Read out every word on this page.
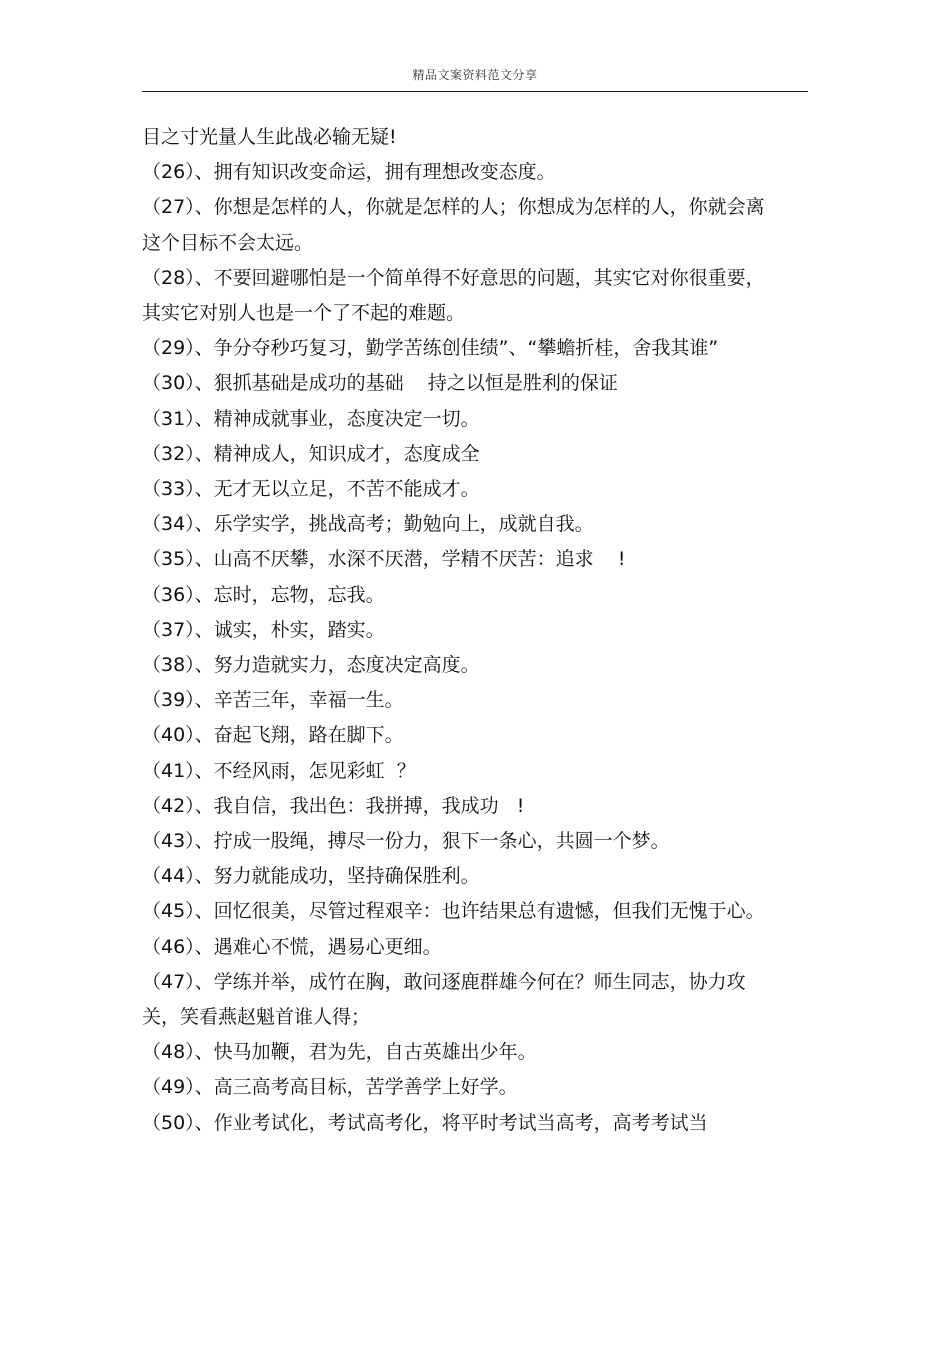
精品文案资料范文分享
目之寸光量人生此战必输无疑!
（26）、拥有知识改变命运，拥有理想改变态度。
（27）、你想是怎样的人，你就是怎样的人；你想成为怎样的人，你就会离这个目标不会太远。
（28）、不要回避哪怕是一个简单得不好意思的问题，其实它对你很重要，其实它对别人也是一个了不起的难题。
（29）、争分夺秒巧复习，勤学苦练创佳绩”、“攀蟾折桂，舍我其谁”
（30）、狠抓基础是成功的基础    持之以恒是胜利的保证
（31）、精神成就事业，态度决定一切。
（32）、精神成人，知识成才，态度成全
（33）、无才无以立足，不苦不能成才。
（34）、乐学实学，挑战高考；勤勉向上，成就自我。
（35）、山高不厌攀，水深不厌潜，学精不厌苦：追求    !
（36）、忘时，忘物，忘我。
（37）、诚实，朴实，踏实。
（38）、努力造就实力，态度决定高度。
（39）、辛苦三年，幸福一生。
（40）、奋起飞翔，路在脚下。
（41）、不经风雨，怎见彩虹  ？
（42）、我自信，我出色：我拼搏，我成功   !
（43）、拧成一股绳，搏尽一份力，狠下一条心，共圆一个梦。
（44）、努力就能成功，坚持确保胜利。
（45）、回忆很美，尽管过程艰辛：也许结果总有遗憾，但我们无愧于心。
（46）、遇难心不慌，遇易心更细。
（47）、学练并举，成竹在胸，敢问逐鹿群雄今何在？师生同志，协力攻关，笑看燕赵魁首谁人得；
（48）、快马加鞭，君为先，自古英雄出少年。
（49）、高三高考高目标，苦学善学上好学。
（50）、作业考试化，考试高考化，将平时考试当高考，高考考试当
